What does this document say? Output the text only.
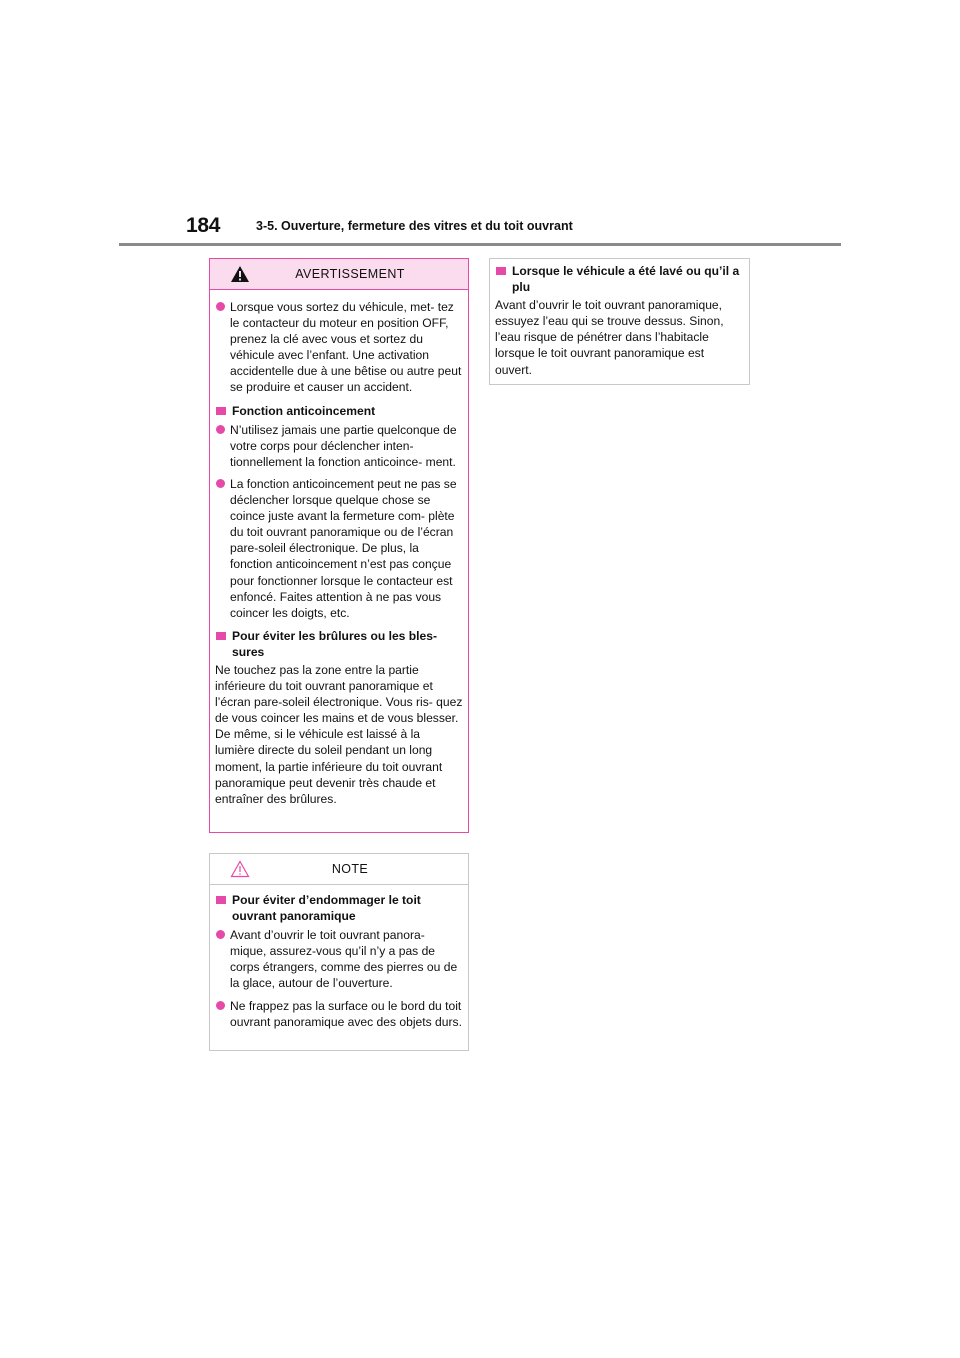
184	3-5. Ouverture, fermeture des vitres et du toit ouvrant
AVERTISSEMENT
Lorsque vous sortez du véhicule, met- tez le contacteur du moteur en position OFF, prenez la clé avec vous et sortez du véhicule avec l’enfant. Une activation accidentelle due à une bêtise ou autre peut se produire et causer un accident.
Fonction anticoincement
N’utilisez jamais une partie quelconque de votre corps pour déclencher inten- tionnellement la fonction anticoince- ment.
La fonction anticoincement peut ne pas se déclencher lorsque quelque chose se coince juste avant la fermeture com- plète du toit ouvrant panoramique ou de l’écran pare-soleil électronique. De plus, la fonction anticoincement n’est pas conçue pour fonctionner lorsque le contacteur est enfoncé. Faites attention à ne pas vous coincer les doigts, etc.
Pour éviter les brûlures ou les bles- sures
Ne touchez pas la zone entre la partie inférieure du toit ouvrant panoramique et l’écran pare-soleil électronique. Vous ris- quez de vous coincer les mains et de vous blesser. De même, si le véhicule est laissé à la lumière directe du soleil pendant un long moment, la partie inférieure du toit ouvrant panoramique peut devenir très chaude et entraîner des brûlures.
NOTE
Pour éviter d’endommager le toit ouvrant panoramique
Avant d’ouvrir le toit ouvrant panora- mique, assurez-vous qu’il n’y a pas de corps étrangers, comme des pierres ou de la glace, autour de l’ouverture.
Ne frappez pas la surface ou le bord du toit ouvrant panoramique avec des objets durs.
Lorsque le véhicule a été lavé ou qu’il a plu
Avant d’ouvrir le toit ouvrant panoramique, essuyez l’eau qui se trouve dessus. Sinon, l’eau risque de pénétrer dans l’habitacle lorsque le toit ouvrant panoramique est ouvert.
